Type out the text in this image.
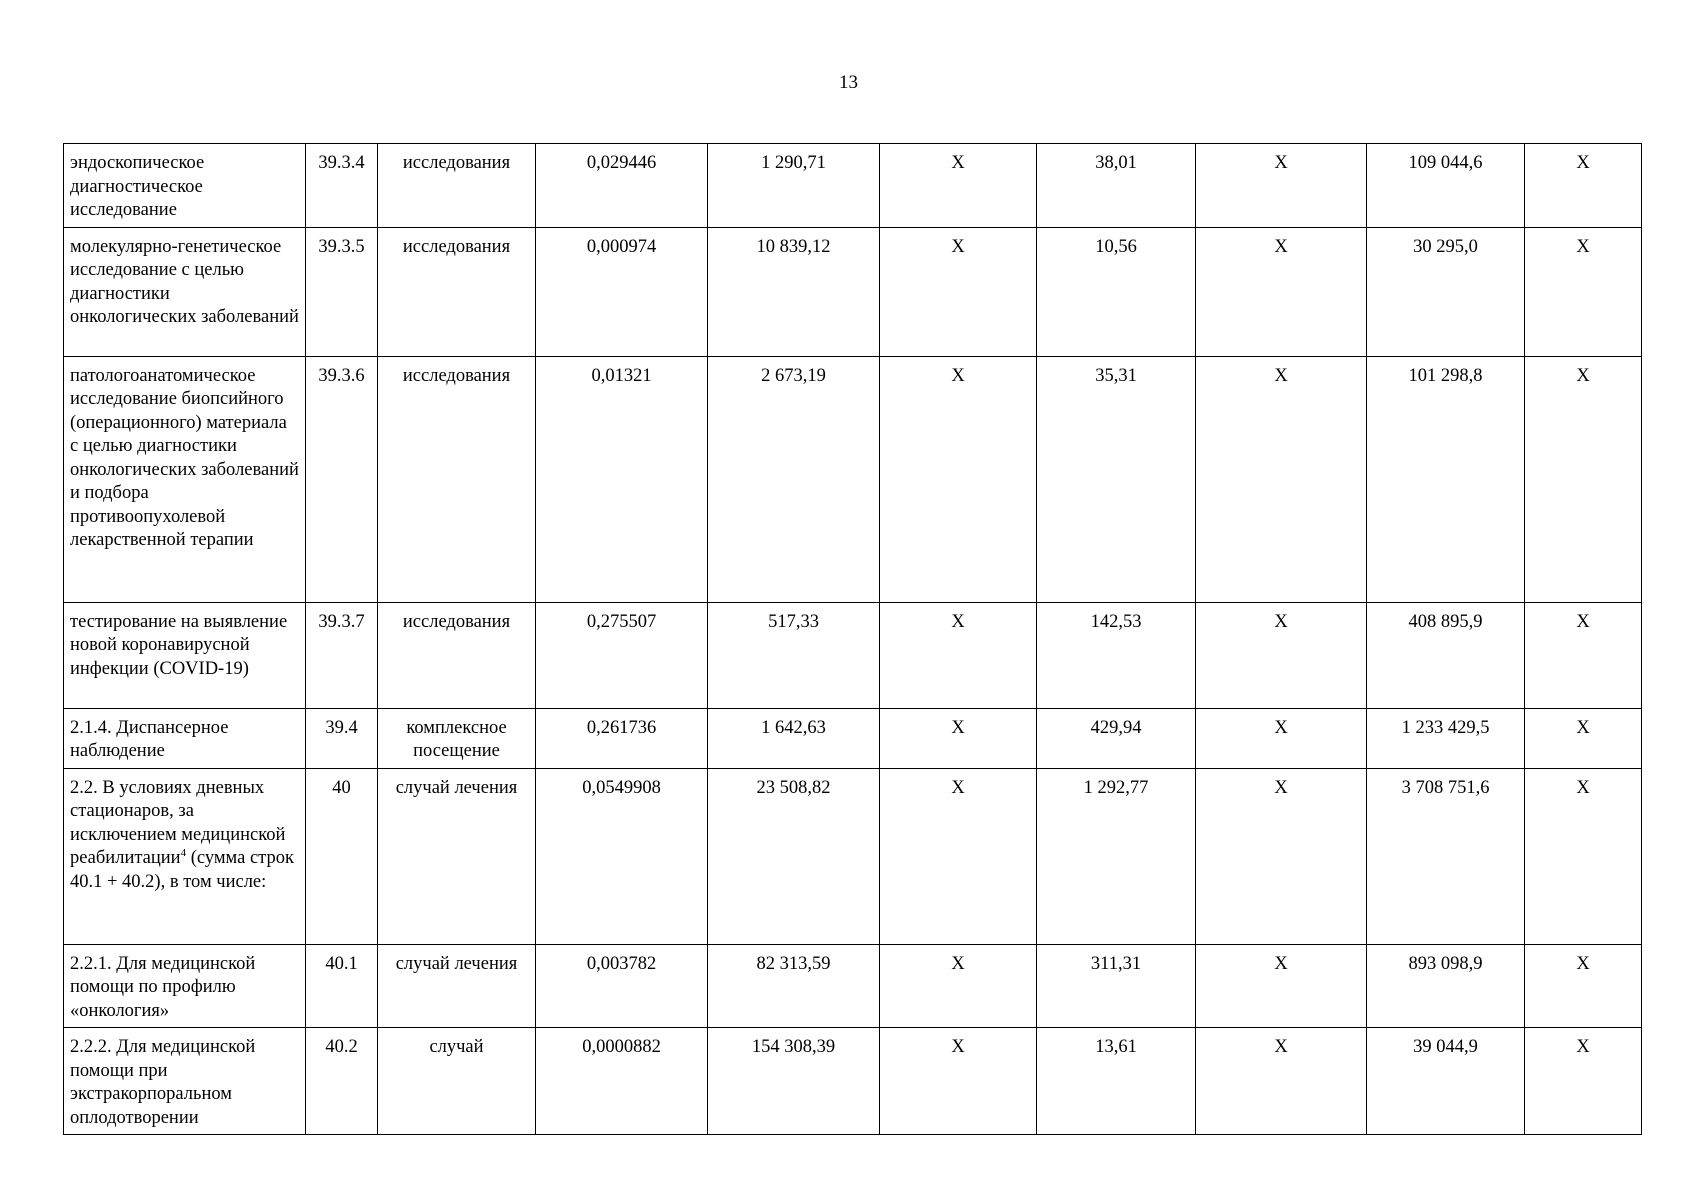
13
эндоскопическое диагностическое исследование	39.3.4	исследования	0,029446	1 290,71	X	38,01	X	109 044,6	X
молекулярно-генетическое исследование с целью диагностики онкологических заболеваний	39.3.5	исследования	0,000974	10 839,12	X	10,56	X	30 295,0	X
патологоанатомическое исследование биопсийного (операционного) материала с целью диагностики онкологических заболеваний и подбора противоопухолевой лекарственной терапии	39.3.6	исследования	0,01321	2 673,19	X	35,31	X	101 298,8	X
тестирование на выявление новой коронавирусной инфекции (COVID-19)	39.3.7	исследования	0,275507	517,33	X	142,53	X	408 895,9	X
2.1.4. Диспансерное наблюдение	39.4	комплексное посещение	0,261736	1 642,63	X	429,94	X	1 233 429,5	X
2.2. В условиях дневных стационаров, за исключением медицинской реабилитации$^4$ (сумма строк 40.1 + 40.2), в том числе:	40	случай лечения	0,0549908	23 508,82	X	1 292,77	X	3 708 751,6	X
2.2.1. Для медицинской помощи по профилю «онкология»	40.1	случай лечения	0,003782	82 313,59	X	311,31	X	893 098,9	X
2.2.2. Для медицинской помощи при экстракорпоральном оплодотворении	40.2	случай	0,0000882	154 308,39	X	13,61	X	39 044,9	X
